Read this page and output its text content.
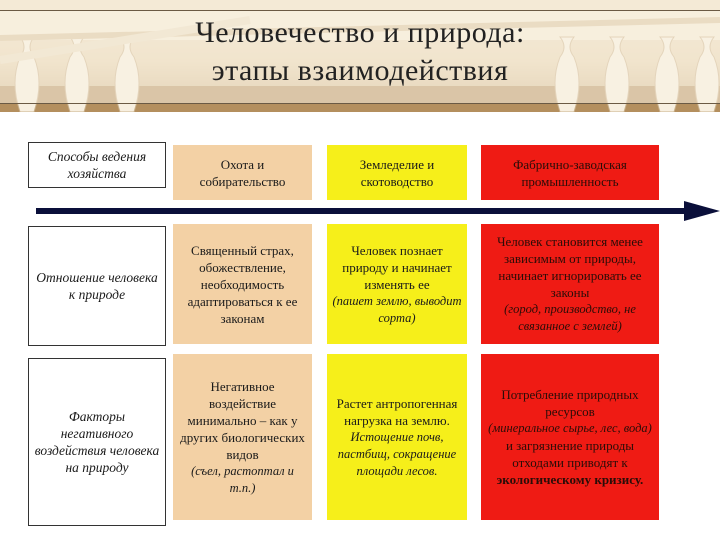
Человечество и природа:
этапы взаимодействия
Способы ведения хозяйства
Охота и собирательство
Земледелие и скотоводство
Фабрично-заводская промышленность
Отношение человека к природе
Священный страх, обожествление, необходимость адаптироваться к ее законам
Человек познает природу и начинает изменять ее
(пашет землю, выводит сорта)
Человек становится менее зависимым от природы, начинает игнорировать ее законы
(город, производство, не связанное с землей)
Факторы негативного воздействия человека на природу
Негативное воздействие минимально – как у других биологических видов
(съел, растоптал и т.п.)
Растет антропогенная нагрузка на землю.
Истощение почв, пастбищ, сокращение площади лесов.
Потребление природных ресурсов
(минеральное сырье, лес, вода)
и загрязнение природы отходами приводят к
экологическому кризису.
